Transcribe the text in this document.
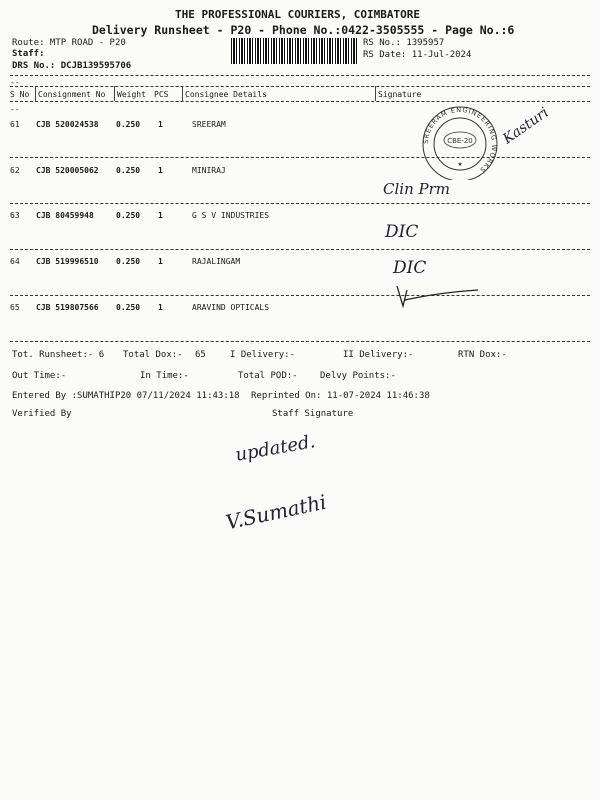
THE PROFESSIONAL COURIERS, COIMBATORE
Delivery Runsheet - P20 - Phone No.:0422-3505555 - Page No.:6
Route: MTP ROAD - P20
Staff:
DRS No.: DCJB139595706
RS No.: 1395957
RS Date: 11-Jul-2024
--
S No Consignment No Weight PCS Consignee Details	Signature
--
61 CJB 520024538 0.250 1	SREERAM
62 CJB 520005062 0.250 1	MINIRAJ
63 CJB 80459948	0.250 1	G S V INDUSTRIES
64 CJB 519996510 0.250 1	RAJALINGAM
65 CJB 519807566 0.250 1	ARAVIND OPTICALS
SREERAM ENGINEERING WORKS
CBE-20
★
Kasturi
Clin Prm
DIC
DIC
Tot. Runsheet:- 6 Total Dox:- 65	I Delivery:-	II Delivery:-	RTN Dox:-
Out Time:-	In Time:-	Total POD:- Delvy Points:-
Entered By :SUMATHIP20 07/11/2024 11:43:18 Reprinted On: 11-07-2024 11:46:38
Verified By	Staff Signature
updated.
V.Sumathi
